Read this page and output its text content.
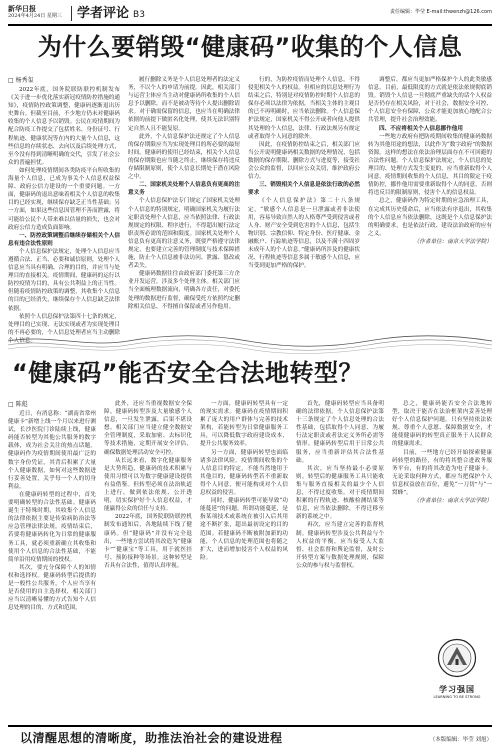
新华日报
2024年4月24日 星期三	学者评论 B3	责任编辑：毕莹 E-mail:thwenzh@126.com
为什么要销毁“健康码”收集的个人信息

□ 杨秀玺

2022年底，国务院联防联控机制发布《关于进一步优化落实新冠疫情防控措施的通知》，疫情防控政策调整，健康码逐渐退出历史舞台。但截至目前，不少地方仍未对健康码收集的个人信息予以销毁。公民在疫情期间为配合防疫工作提交了包括姓名、身份证号、行程轨迹、健康状况等在内的大量个人信息，这些信息的存续状态、去向以及后续处理方式，至今没有得到清晰明确的交代，引发了社会公众的普遍担忧。

如何处理疫情期间各类防疫平台所收集的海量个人信息，已成为事关个人信息权益保障、政府公信力建设的一个重要问题。一方面，健康码的退出意味着相关个人信息的收集目的已经实现，继续保存缺乏正当性基础；另一方面，如果这些信息因管理不善而泄露，将可能给公民个人带来难以估量的损失，也会对政府公信力造成负面影响。

一、防控政策调整后继续存储相关个人信息有违合法性原则

个人信息保护法规定，处理个人信息应当遵循合法、正当、必要和诚信原则，处理个人信息应当具有明确、合理的目的，并应当与处理目的直接相关。疫情期间，健康码的运行以防控疫情为目的，具有公共利益上的正当性。但随着疫情防控政策的调整，其收集个人信息的目的已经消失，继续保存个人信息缺乏法律依据。

依照个人信息保护法第四十七条的规定，处理目的已实现、无法实现或者为实现处理目的不再必要的，个人信息处理者应当主动删除个人信息。

履行删除义务是个人信息处理者的法定义务，不以个人的申请为前提。因此，相关部门与运营主体应当主动对健康码所收集的个人信息予以删除，而不是被动等待个人提出删除请求。对于确需保留的信息，也应当在明确法律依据的前提下做匿名化处理，使其无法识别特定自然人且不能复原。

此外，个人信息保护法还规定了个人信息的保存期限应当为实现处理目的所必要的最短时间。健康码的使用已经结束，相关个人信息的保存期限也应当随之终止，继续保存将违反存储限制原则，使个人信息长期处于潜在风险之中。

二、国家机关处理个人信息负有更高的注意义务

个人信息保护法专门规定了国家机关处理个人信息的特别规定，明确国家机关为履行法定职责处理个人信息，应当依照法律、行政法规规定的权限、程序进行，不得超出履行法定职责所必需的范围和限度。国家机关处理个人信息负有更高的注意义务，既要严格遵守法律规定，也要建立完善的管理制度与技术保障措施，防止个人信息被非法访问、泄露、篡改或者丢失。

健康码数据往往由政府部门委托第三方企业开发运营，涉及多个处理主体。相关部门应当全面梳理数据流向，明确各方责任，对委托处理的数据进行监督，确保受托方依照约定删除相关信息，不得擅自保留或者另作他用。

行的，为防控疫情而处理个人信息，不得侵犯相关个人的权益。但相应的信息处理行为结束之后，特别是对疫情防控时期个人信息的保存必须以法律为依据，当相关主体的主观目的已不再明确时，应当依法删除。个人信息保护法规定，国家机关不得公开或者向他人提供其处理的个人信息，法律、行政法规另有规定或者取得个人同意的除外。

因此，在疫情防控结束之后，相关部门应当公开说明健康码相关数据的处理情况，包括数据的保存期限、删除方式与进度等，接受社会公众的监督，以回应公众关切，维护政府公信力。

三、销毁相关个人信息是依法行政的必然要求

《个人信息保护法》第二十八条规定，“敏感个人信息是一旦泄露或者非法使用，容易导致自然人的人格尊严受到侵害或者人身、财产安全受到危害的个人信息，包括生物识别、宗教信仰、特定身份、医疗健康、金融账户、行踪轨迹等信息，以及不满十四周岁未成年人的个人信息。”健康码所涉及的健康状况、行程轨迹等信息多属于敏感个人信息，应当受到更加严格的保护。

调整后，都应当更加严格保护个人的此类敏感信息。目前，最低限度的方式就是依法依规彻底销毁。销毁个人信息一旦彻底严重缺失的话个人权益是否仍存在相关风险，对于社会，数据安全可控、个人信息安全有保障，公众才能更加放心地配合公共管理，提升社会治理效能。

四、不应将相关个人信息挪作他用

一些地方政府有把防疫期间收集的健康码数据转为其他用途的想法，以此作为“数字政府”的数据资源。这样的想法在依法治理层面存在不可回避的合法性问题。个人信息保护法规定，个人信息的处理目的、处理方式发生变更的，应当重新取得个人同意。疫情期间收集的个人信息，其目的限定于疫情防控，挪作他用需要重新取得个人的同意，否则将违反目的限制原则，侵害个人的信息权益。

总之，健康码作为特定时期的应急治理工具，在完成其历史使命后，应当依法有序退出，其收集的个人信息应当依法删除，这既是个人信息保护法的明确要求，也是依法行政、建设法治政府的应有之义。

（作者单位：南京大学法学院）

“健康码”能否安全合法地转型？

□ 陈彪

近日，有消息称：“湖南省常州健康卡”新增上线一个月以来进行测试，长沙医院门诊陆续上线，健康码能否转型为其他公共服务的数字载体，成为社会关注的热点话题。健康码作为疫情期间使用最广泛的数字身份凭证，其背后积累了大量个人健康数据，如何对这些数据进行妥善处置，关乎每一个人的切身利益。

在健康码转型的过程中，首先要明确转型的合法性基础。健康码诞生于特殊时期，其收集个人信息的法律依据主要是传染病防治法等应急管理法律法规。疫情结束后，若要将健康码转化为日常的健康服务工具，就必须重新确立其收集和使用个人信息的合法性基础，不能简单沿用疫情期间的授权。

其次，要充分保障个人的知情权和选择权。健康码转型后提供的是一般性公共服务，个人应当享有是否使用的自主选择权，相关部门应当以清晰易懂的方式告知个人信息处理的目的、方式和范围。

此外，还应当重视数据安全保障。健康码转型涉及大量敏感个人信息，一旦发生泄露，后果不堪设想。相关部门应当建立健全数据安全管理制度，采取加密、去标识化等技术措施，定期开展安全评估，确保数据处理活动安全可控。

从长远来看，数字化健康服务是大势所趋，健康码的技术积累与使用习惯可以为数字健康建设提供有益借鉴。但转型必须在法治轨道上进行，做到依法依规、公开透明，切实保护好个人信息权益，才能赢得公众的信任与支持。

2022年底，国务院联防联控机制发布通知后，各地陆续下线了健康码。但“健康码”并没有完全退出，一些地方尝试将其改造为“健康卡”“健康宝”等工具，用于就医挂号、预防接种等场景。这种转型是否具有合法性，值得认真审视。

一方面，健康码转型具有一定的现实需求。健康码在疫情期间积累了庞大的用户群体与完善的技术架构，若能转型为日常健康服务工具，可以降低数字政府建设成本，提升公共服务效率。

另一方面，健康码转型也面临诸多法律风险。疫情期间收集的个人信息目的特定，不能当然地用于其他目的，健康码转型若不重新取得个人同意，便可能构成对个人信息权益的侵害。

同时，健康码转型可能导致“功能蔓延”的问题。所谓功能蔓延，是指某项技术或系统在被引入后其用途不断扩张，超出最初设定的目的范围。若健康码不断被附加新的功能，个人信息的处理范围也将随之扩大，进而增加侵害个人权益的风险。

首先，健康码转型应当具备明确的法律依据。个人信息保护法第十三条规定了个人信息处理的合法性基础，包括取得个人同意、为履行法定职责或者法定义务所必需等情形。健康码转型后用于日常公共服务，应当重新评估其合法性基础。

其次，应当坚持最小必要原则。转型后的健康服务工具只能收集与服务直接相关的最少个人信息，不得过度收集。对于疫情期间积累的行程轨迹、核酸检测结果等信息，应当依法删除，不得迁移至新的系统之中。

再次，应当建立完善的监督机制。健康码转型涉及公共利益与个人权益的平衡，应当接受人大监督、社会监督和舆论监督，及时公开转型方案与数据处理规则，保障公众的参与权与监督权。

总之，健康码能否安全合法地转型，取决于能否在法治框架内妥善处理好个人信息保护问题。只有坚持依法依规、尊重个人意愿、保障数据安全，才能使健康码的转型真正服务于人民群众的健康需求。

目前，一些地方已经开始探索健康码转型的路径，有的将其整合进政务服务平台，有的将其改造为电子健康卡。无论采取何种方式，都应当把保护个人信息权益放在首位，避免“一刀切”与“一窝蜂”。

（作者单位：南京大学法学院）

学习强国
LEARNING TO BE STRONG
以清醒思想的清晰度，助推法治社会的建设进程	（本版编辑：毕莹 刘旭）
